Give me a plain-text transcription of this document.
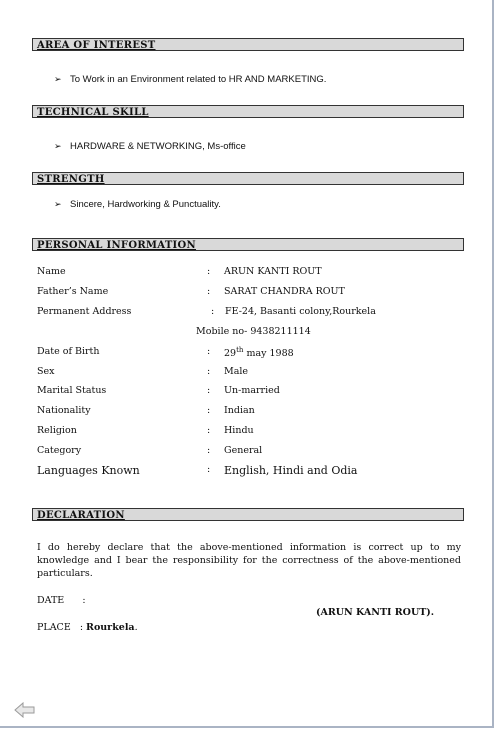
AREA OF INTEREST
➢ To Work in an Environment related to HR AND MARKETING.
TECHNICAL SKILL
➢ HARDWARE & NETWORKING, Ms-office
STRENGTH
➢ Sincere, Hardworking & Punctuality.
PERSONAL INFORMATION
Name	: ARUN KANTI ROUT
Father’s Name	: SARAT CHANDRA ROUT
Permanent Address	: FE-24, Basanti colony,Rourkela
Mobile no- 9438211114
Date of Birth	: 29th may 1988
Sex	: Male
Marital Status	: Un-married
Nationality	: Indian
Religion	: Hindu
Category	: General
Languages Known	: English, Hindi and Odia
DECLARATION
I do hereby declare that the above-mentioned information is correct up to my knowledge and I bear the responsibility for the correctness of the above-mentioned particulars.
DATE      :
(ARUN KANTI ROUT).
PLACE   : Rourkela.
